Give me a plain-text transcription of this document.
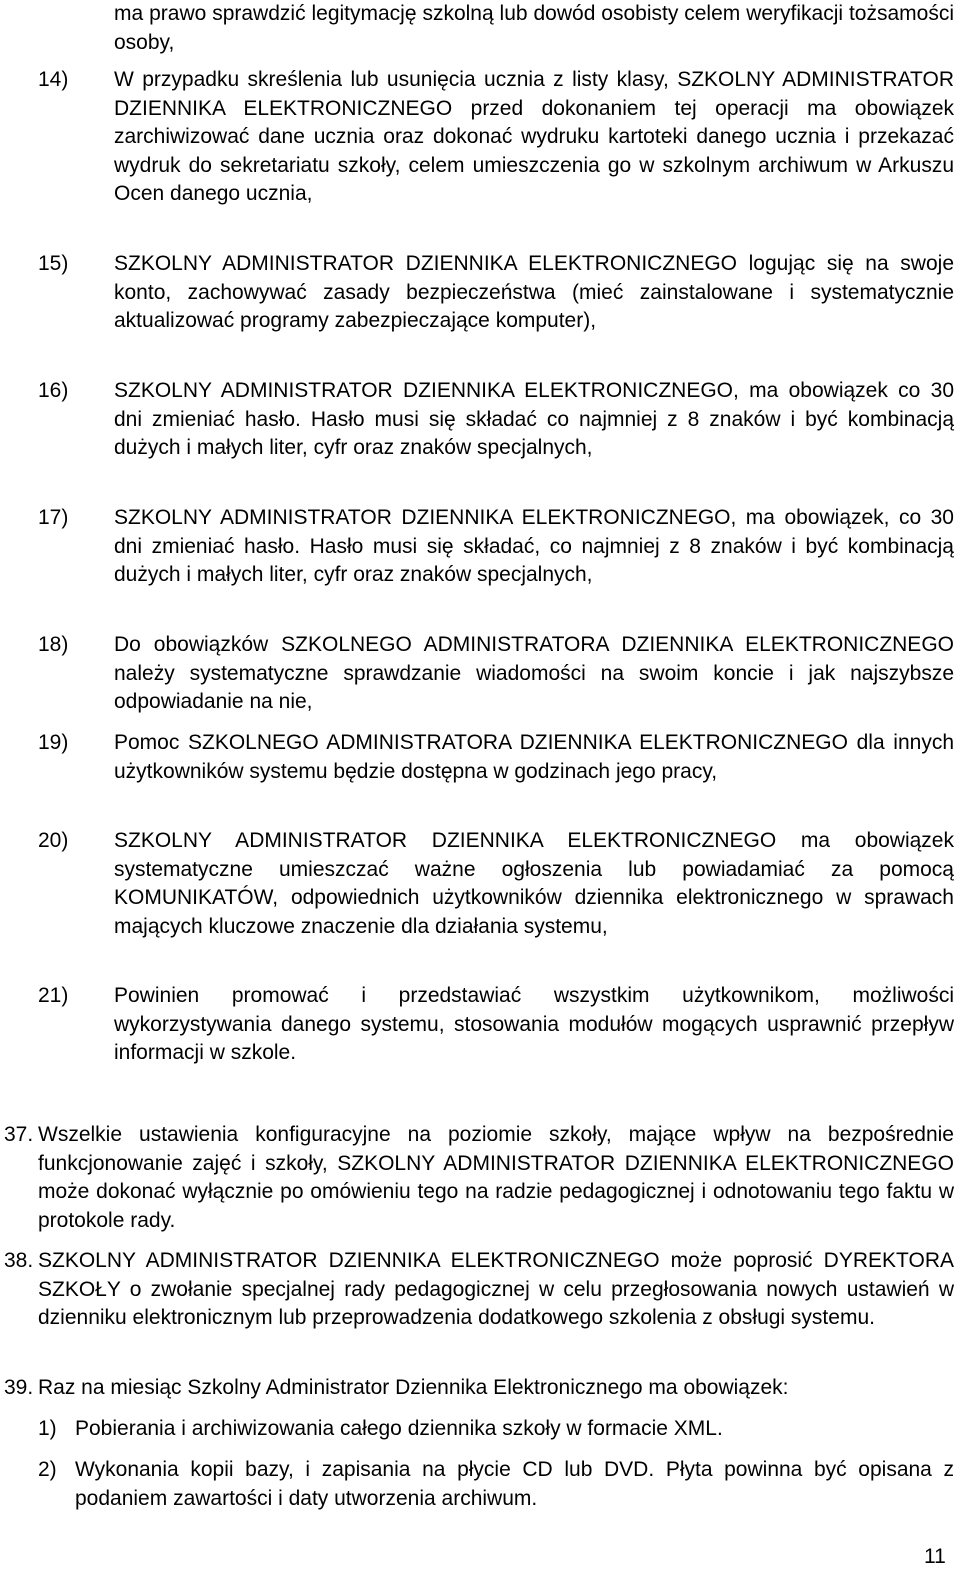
ma prawo sprawdzić legitymację szkolną lub dowód osobisty celem weryfikacji tożsamości osoby,

14) W przypadku skreślenia lub usunięcia ucznia z listy klasy, SZKOLNY ADMINISTRATOR DZIENNIKA ELEKTRONICZNEGO przed dokonaniem tej operacji ma obowiązek zarchiwizować dane ucznia oraz dokonać wydruku kartoteki danego ucznia i przekazać wydruk do sekretariatu szkoły, celem umieszczenia go w szkolnym archiwum w Arkuszu Ocen danego ucznia,

15) SZKOLNY ADMINISTRATOR DZIENNIKA ELEKTRONICZNEGO logując się na swoje konto, zachowywać zasady bezpieczeństwa (mieć zainstalowane i systematycznie aktualizować programy zabezpieczające komputer),

16) SZKOLNY ADMINISTRATOR DZIENNIKA ELEKTRONICZNEGO, ma obowiązek co 30 dni zmieniać hasło. Hasło musi się składać co najmniej z 8 znaków i być kombinacją dużych i małych liter, cyfr oraz znaków specjalnych,

17) SZKOLNY ADMINISTRATOR DZIENNIKA ELEKTRONICZNEGO, ma obowiązek, co 30 dni zmieniać hasło. Hasło musi się składać, co najmniej z 8 znaków i być kombinacją dużych i małych liter, cyfr oraz znaków specjalnych,

18) Do obowiązków SZKOLNEGO ADMINISTRATORA DZIENNIKA ELEKTRONICZNEGO należy systematyczne sprawdzanie wiadomości na swoim koncie i jak najszybsze odpowiadanie na nie,

19) Pomoc SZKOLNEGO ADMINISTRATORA DZIENNIKA ELEKTRONICZNEGO dla innych użytkowników systemu będzie dostępna w godzinach jego pracy,

20) SZKOLNY ADMINISTRATOR DZIENNIKA ELEKTRONICZNEGO ma obowiązek systematyczne umieszczać ważne ogłoszenia lub powiadamiać za pomocą KOMUNIKATÓW, odpowiednich użytkowników dziennika elektronicznego w sprawach mających kluczowe znaczenie dla działania systemu,

21) Powinien promować i przedstawiać wszystkim użytkownikom, możliwości wykorzystywania danego systemu, stosowania modułów mogących usprawnić przepływ informacji w szkole.

37. Wszelkie ustawienia konfiguracyjne na poziomie szkoły, mające wpływ na bezpośrednie funkcjonowanie zajęć i szkoły, SZKOLNY ADMINISTRATOR DZIENNIKA ELEKTRONICZNEGO może dokonać wyłącznie po omówieniu tego na radzie pedagogicznej i odnotowaniu tego faktu w protokole rady.

38. SZKOLNY ADMINISTRATOR DZIENNIKA ELEKTRONICZNEGO może poprosić DYREKTORA SZKOŁY o zwołanie specjalnej rady pedagogicznej w celu przegłosowania nowych ustawień w dzienniku elektronicznym lub przeprowadzenia dodatkowego szkolenia z obsługi systemu.

39. Raz na miesiąc Szkolny Administrator Dziennika Elektronicznego ma obowiązek:

1) Pobierania i archiwizowania całego dziennika szkoły w formacie XML.

2) Wykonania kopii bazy, i zapisania na płycie CD lub DVD. Płyta powinna być opisana z podaniem zawartości i daty utworzenia archiwum.

11
